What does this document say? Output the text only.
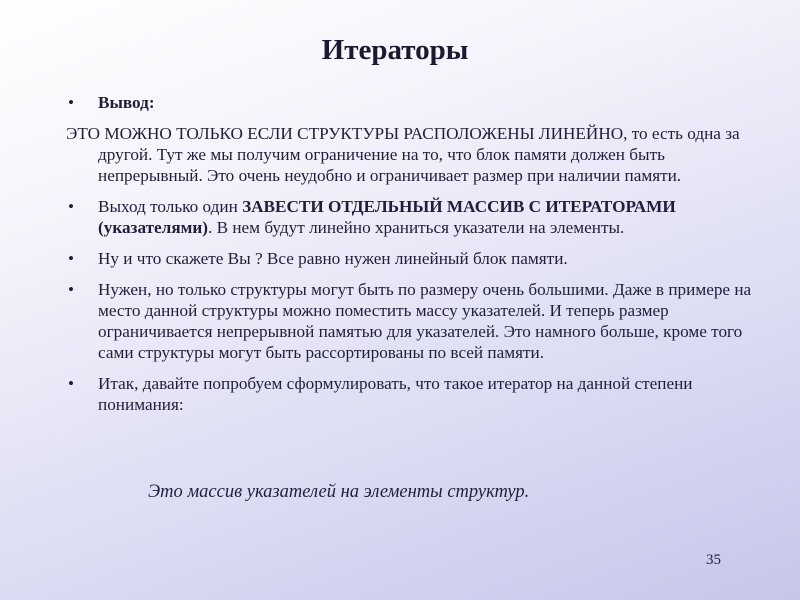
Итераторы
•	Вывод:
ЭТО МОЖНО ТОЛЬКО ЕСЛИ СТРУКТУРЫ РАСПОЛОЖЕНЫ ЛИНЕЙНО, то есть одна за другой. Тут же мы получим ограничение на то, что блок памяти должен быть непрерывный. Это очень неудобно и ограничивает размер при наличии памяти.
•	Выход только один ЗАВЕСТИ ОТДЕЛЬНЫЙ МАССИВ С ИТЕРАТОРАМИ (указателями). В нем будут линейно храниться указатели на элементы.
•	Ну и что скажете Вы ? Все равно нужен линейный блок памяти.
•	Нужен, но только структуры могут быть по размеру очень большими. Даже в примере на место данной структуры можно поместить массу указателей. И теперь размер ограничивается непрерывной памятью для указателей. Это намного больше, кроме того сами структуры могут быть рассортированы по всей памяти.
•	Итак, давайте попробуем сформулировать, что такое итератор на данной степени понимания:
Это массив указателей на элементы структур.
35
